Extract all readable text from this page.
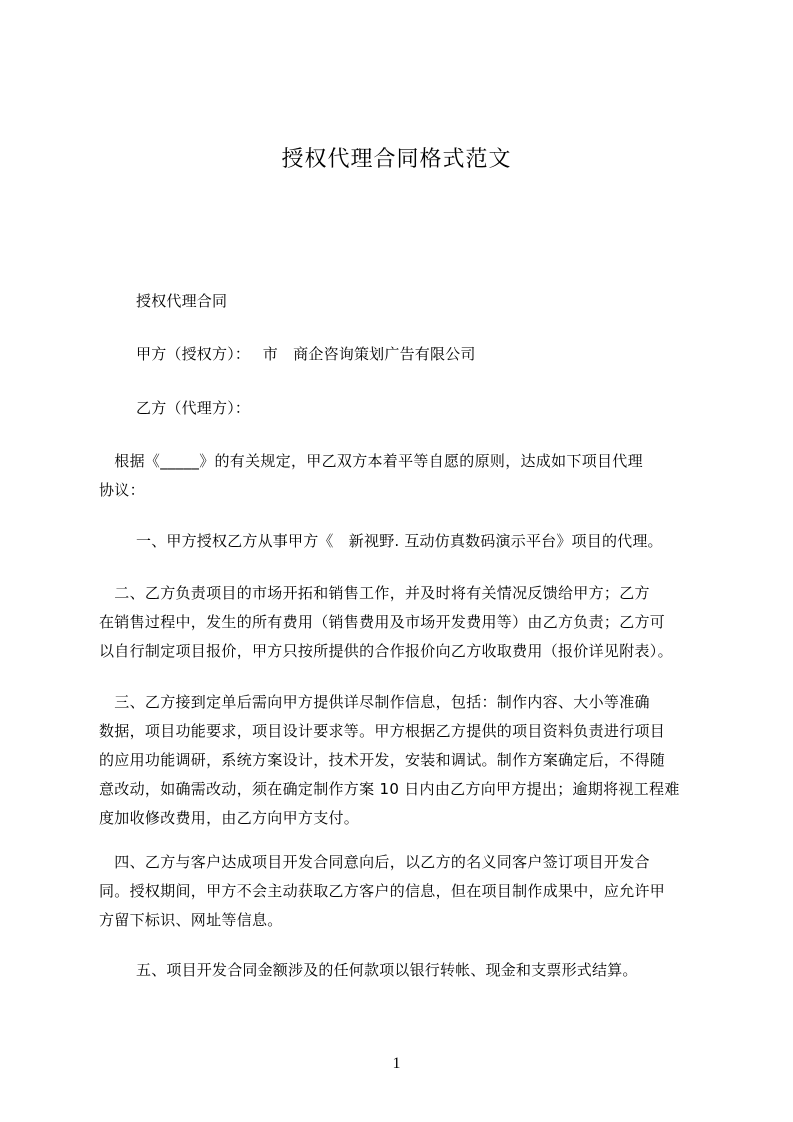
授权代理合同格式范文
授权代理合同
甲方（授权方）：　 市　商企咨询策划广告有限公司
乙方（代理方）：
　根据《_____》的有关规定，甲乙双方本着平等自愿的原则，达成如下项目代理
协议：
一、甲方授权乙方从事甲方《　新视野. 互动仿真数码演示平台》项目的代理。
　二、乙方负责项目的市场开拓和销售工作，并及时将有关情况反馈给甲方；乙方
在销售过程中，发生的所有费用（销售费用及市场开发费用等）由乙方负责；乙方可
以自行制定项目报价，甲方只按所提供的合作报价向乙方收取费用（报价详见附表）。
　三、乙方接到定单后需向甲方提供详尽制作信息，包括：制作内容、大小等准确
数据，项目功能要求，项目设计要求等。甲方根据乙方提供的项目资料负责进行项目
的应用功能调研，系统方案设计，技术开发，安装和调试。制作方案确定后，不得随
意改动，如确需改动，须在确定制作方案 10 日内由乙方向甲方提出；逾期将视工程难
度加收修改费用，由乙方向甲方支付。
　四、乙方与客户达成项目开发合同意向后，以乙方的名义同客户签订项目开发合
同。授权期间，甲方不会主动获取乙方客户的信息，但在项目制作成果中，应允许甲
方留下标识、网址等信息。
五、项目开发合同金额涉及的任何款项以银行转帐、现金和支票形式结算。
1
